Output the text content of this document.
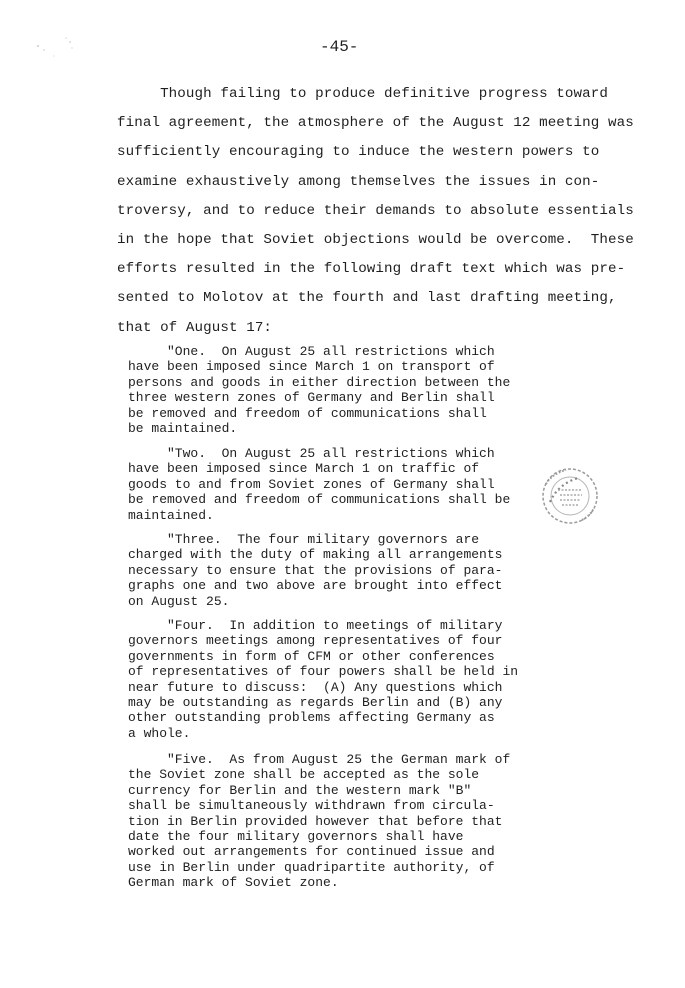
-45-
Though failing to produce definitive progress toward
final agreement, the atmosphere of the August 12 meeting was
sufficiently encouraging to induce the western powers to
examine exhaustively among themselves the issues in con-
troversy, and to reduce their demands to absolute essentials
in the hope that Soviet objections would be overcome.  These
efforts resulted in the following draft text which was pre-
sented to Molotov at the fourth and last drafting meeting,
that of August 17:
"One.  On August 25 all restrictions which
have been imposed since March 1 on transport of
persons and goods in either direction between the
three western zones of Germany and Berlin shall
be removed and freedom of communications shall
be maintained.
"Two.  On August 25 all restrictions which
have been imposed since March 1 on traffic of
goods to and from Soviet zones of Germany shall
be removed and freedom of communications shall be
maintained.
"Three.  The four military governors are
charged with the duty of making all arrangements
necessary to ensure that the provisions of para-
graphs one and two above are brought into effect
on August 25.
"Four.  In addition to meetings of military
governors meetings among representatives of four
governments in form of CFM or other conferences
of representatives of four powers shall be held in
near future to discuss:  (A) Any questions which
may be outstanding as regards Berlin and (B) any
other outstanding problems affecting Germany as
a whole.
"Five.  As from August 25 the German mark of
the Soviet zone shall be accepted as the sole
currency for Berlin and the western mark "B"
shall be simultaneously withdrawn from circula-
tion in Berlin provided however that before that
date the four military governors shall have
worked out arrangements for continued issue and
use in Berlin under quadripartite authority, of
German mark of Soviet zone.
